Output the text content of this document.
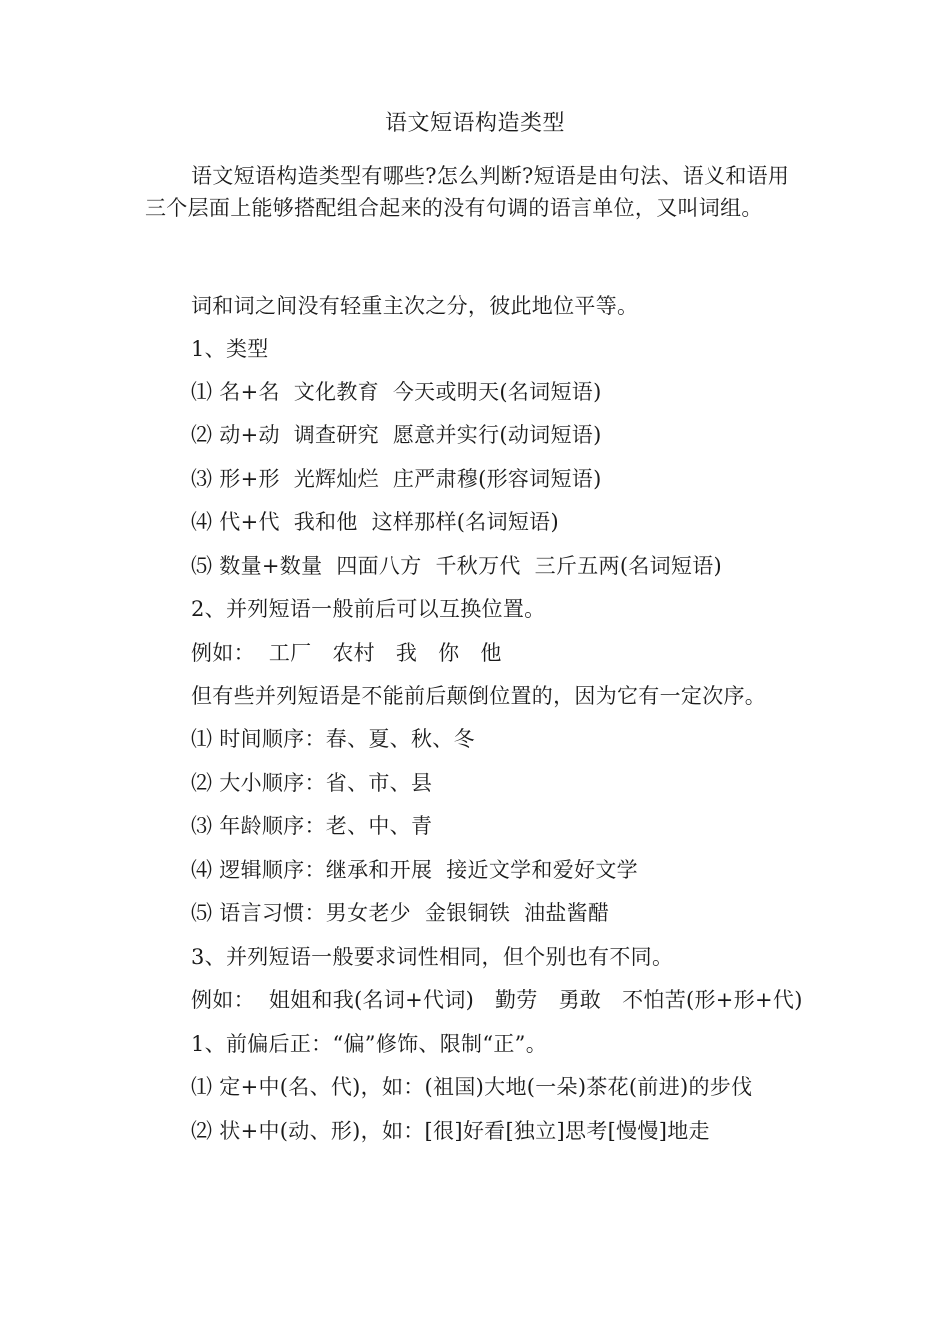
语文短语构造类型
语文短语构造类型有哪些?怎么判断?短语是由句法、语义和语用三个层面上能够搭配组合起来的没有句调的语言单位，又叫词组。
词和词之间没有轻重主次之分，彼此地位平等。
1、类型
⑴ 名+名  文化教育  今天或明天(名词短语)
⑵ 动+动  调查研究  愿意并实行(动词短语)
⑶ 形+形  光辉灿烂  庄严肃穆(形容词短语)
⑷ 代+代  我和他  这样那样(名词短语)
⑸ 数量+数量  四面八方  千秋万代  三斤五两(名词短语)
2、并列短语一般前后可以互换位置。
例如：  工厂   农村   我   你   他
但有些并列短语是不能前后颠倒位置的，因为它有一定次序。
⑴ 时间顺序：春、夏、秋、冬
⑵ 大小顺序：省、市、县
⑶ 年龄顺序：老、中、青
⑷ 逻辑顺序：继承和开展  接近文学和爱好文学
⑸ 语言习惯：男女老少  金银铜铁  油盐酱醋
3、并列短语一般要求词性相同，但个别也有不同。
例如：  姐姐和我(名词+代词)   勤劳   勇敢   不怕苦(形+形+代)
1、前偏后正：“偏”修饰、限制“正”。
⑴ 定+中(名、代)，如：(祖国)大地(一朵)茶花(前进)的步伐
⑵ 状+中(动、形)，如：[很]好看[独立]思考[慢慢]地走
